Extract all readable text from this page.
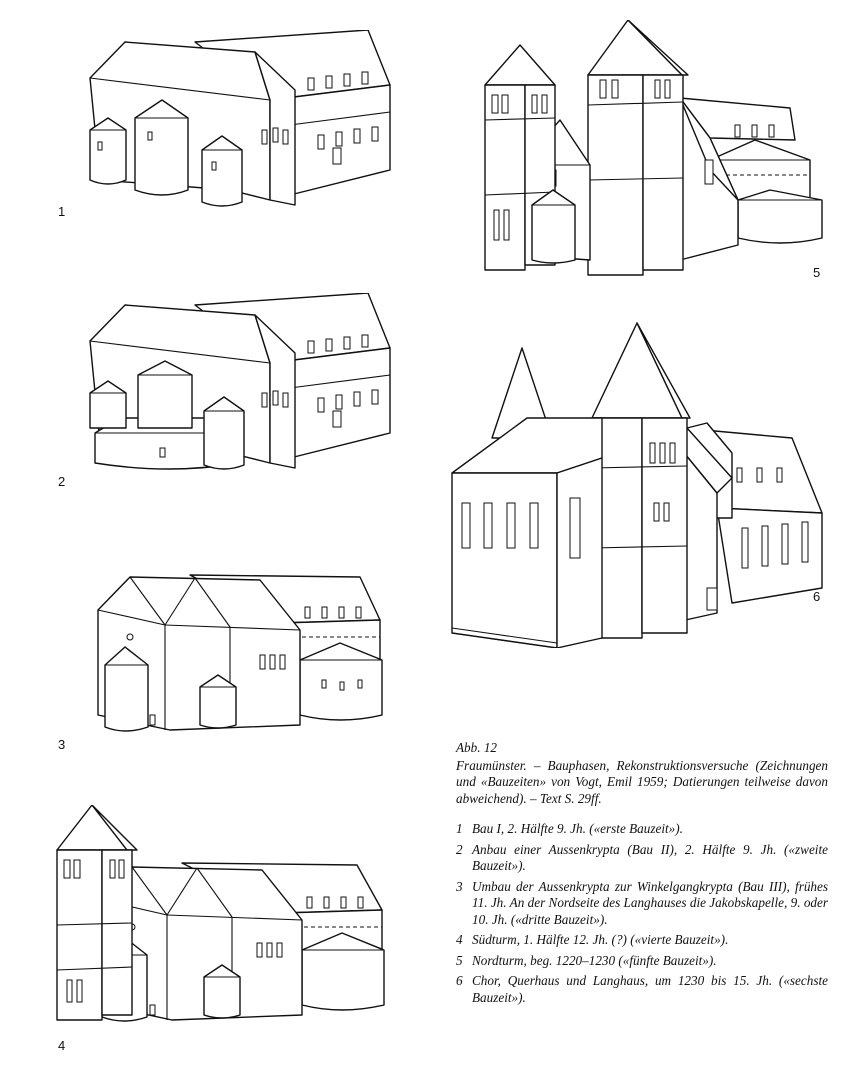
1
2
3
4
5
6
Abb. 12
Fraumünster. – Bauphasen, Rekonstruktionsversuche (Zeichnungen und «Bauzeiten» von Vogt, Emil 1959; Datierungen teilweise davon abweichend). – Text S. 29ff.
1 Bau I, 2. Hälfte 9. Jh. («erste Bauzeit»).
2 Anbau einer Aussenkrypta (Bau II), 2. Hälfte 9. Jh. («zweite Bauzeit»).
3 Umbau der Aussenkrypta zur Winkelgangkrypta (Bau III), frühes 11. Jh. An der Nordseite des Langhauses die Jakobskapelle, 9. oder 10. Jh. («dritte Bauzeit»).
4 Südturm, 1. Hälfte 12. Jh. (?) («vierte Bauzeit»).
5 Nordturm, beg. 1220–1230 («fünfte Bauzeit»).
6 Chor, Querhaus und Langhaus, um 1230 bis 15. Jh. («sechste Bauzeit»).
